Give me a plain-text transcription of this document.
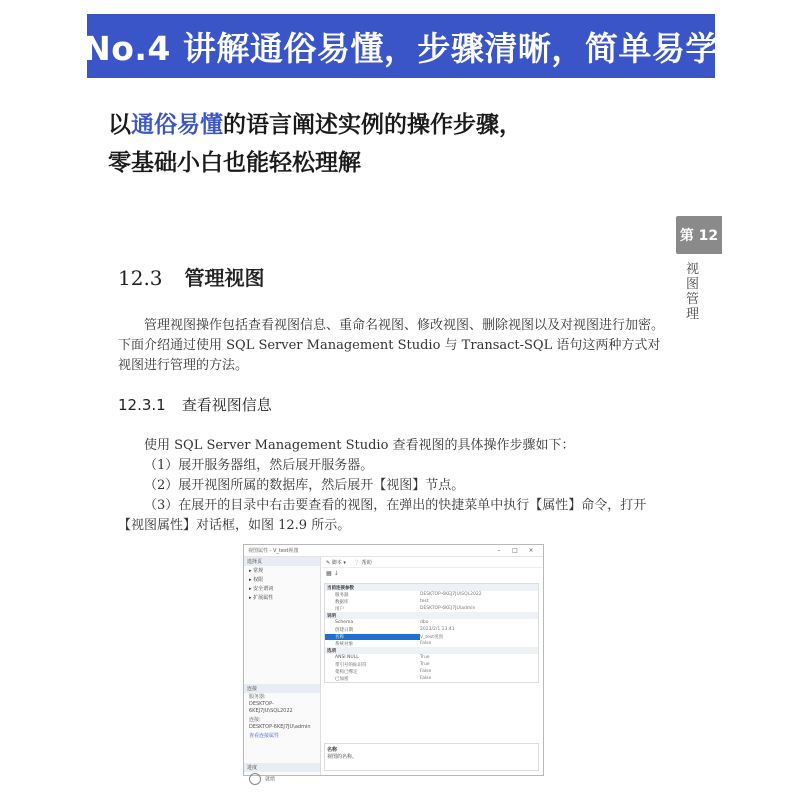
No.4 讲解通俗易懂，步骤清晰，简单易学
以通俗易懂的语言阐述实例的操作步骤，
零基础小白也能轻松理解
第 12
视图管理
12.3 管理视图
管理视图操作包括查看视图信息、重命名视图、修改视图、删除视图以及对视图进行加密。下面介绍通过使用 SQL Server Management Studio 与 Transact-SQL 语句这两种方式对视图进行管理的方法。
12.3.1 查看视图信息
使用 SQL Server Management Studio 查看视图的具体操作步骤如下：
（1）展开服务器组，然后展开服务器。
（2）展开视图所属的数据库，然后展开【视图】节点。
（3）在展开的目录中右击要查看的视图，在弹出的快捷菜单中执行【属性】命令，打开【视图属性】对话框，如图 12.9 所示。
视图属性 - V_test视图	–	□	×
选择页
▸ 常规
▸ 权限
▸ 安全谓词
▸ 扩展属性
连接
服务器:
DESKTOP-6KEJ7JU\SQL2022
连接:
DESKTOP-6KEJ7JU\admin
查看连接属性
进度
就绪
✎ 脚本 ▾ ❔ 帮助
▦ ↓
当前连接参数
服务器	DESKTOP-6KEJ7JU\SQL2022
数据库	test
用户	DESKTOP-6KEJ7JU\admin
说明
Schema	dbo
创建日期	2023/2/1 13:41
名称	V_test视图
系统对象	False
选项
ANSI NULL	True
带引号的标识符	True
架构已绑定	False
已加密	False
名称
视图的名称。
